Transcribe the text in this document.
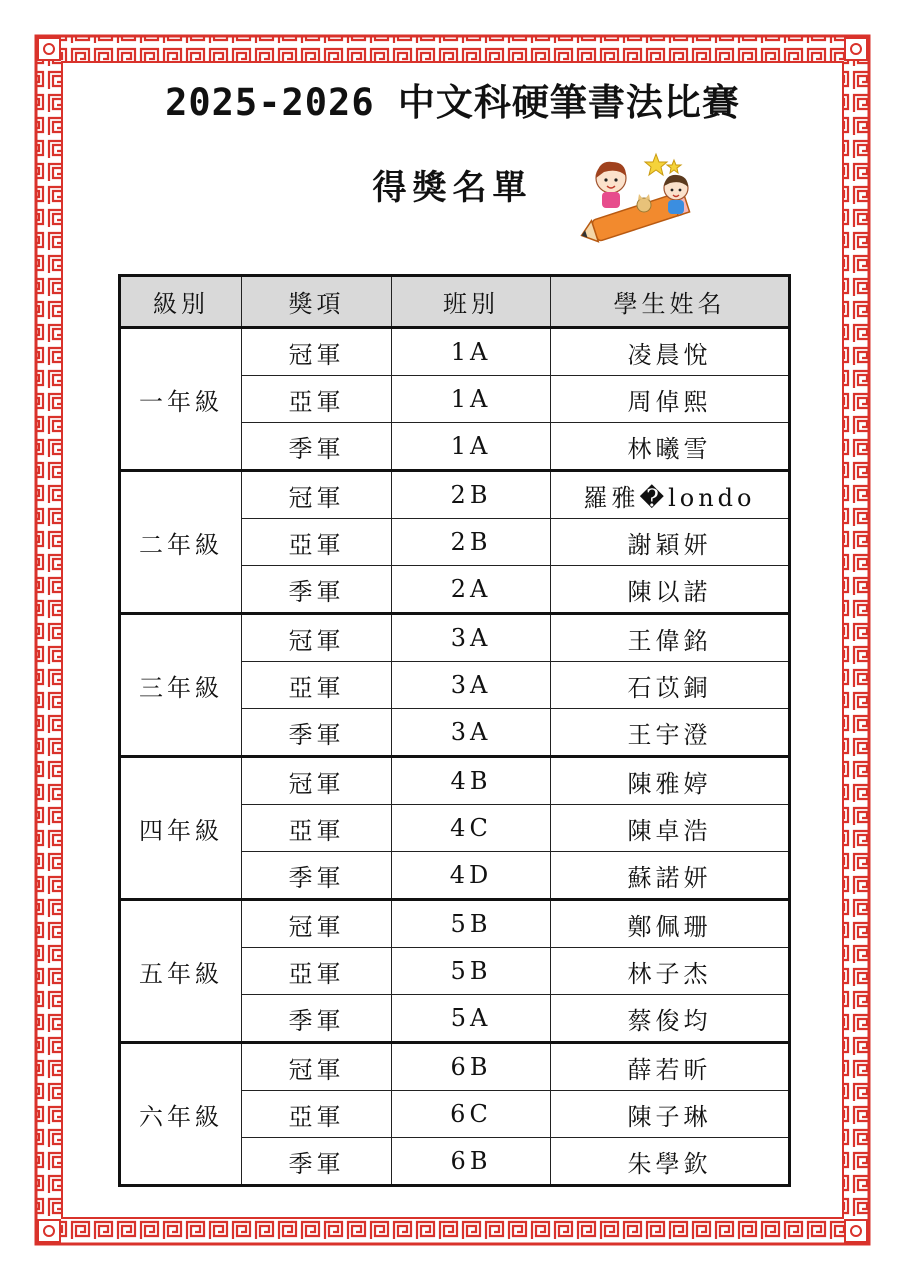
2025-2026 中文科硬筆書法比賽
得獎名單
級別	獎項	班別	學生姓名
一年級	冠軍	1A	凌晨悅
	亞軍	1A	周倬熙
	季軍	1A	林曦雪
二年級	冠軍	2B	羅雅�londo
	亞軍	2B	謝穎妍
	季軍	2A	陳以諾
三年級	冠軍	3A	王偉銘
	亞軍	3A	石苡銅
	季軍	3A	王宇澄
四年級	冠軍	4B	陳雅婷
	亞軍	4C	陳卓浩
	季軍	4D	蘇諾妍
五年級	冠軍	5B	鄭佩珊
	亞軍	5B	林子杰
	季軍	5A	蔡俊均
六年級	冠軍	6B	薛若昕
	亞軍	6C	陳子琳
	季軍	6B	朱學欽
